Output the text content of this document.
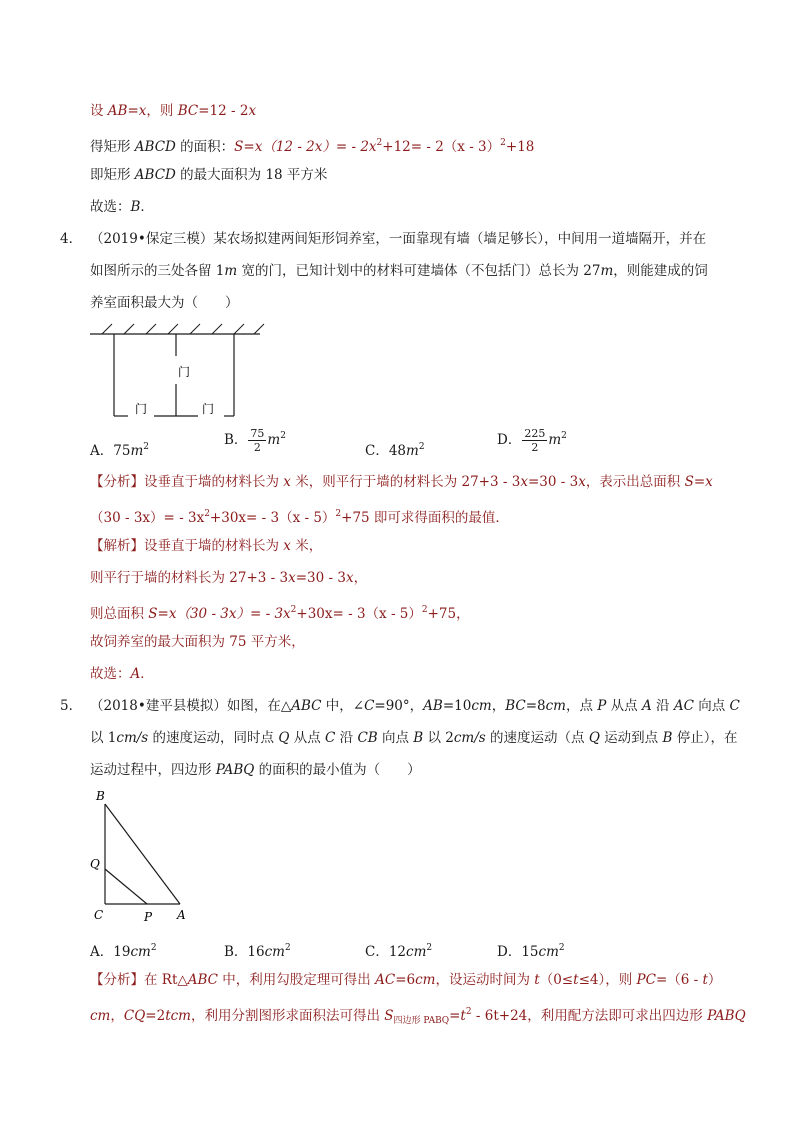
设 AB=x，则 BC=12 - 2x
得矩形 ABCD 的面积：$S=x(12 - 2x)= - 2x^2+12= - 2(x - 3)^2+18$
即矩形 ABCD 的最大面积为 18 平方米
故选：B．
4． （2019•保定三模）某农场拟建两间矩形饲养室，一面靠现有墙（墙足够长），中间用一道墙隔开，并在
如图所示的三处各留 1m 宽的门，已知计划中的材料可建墙体（不包括门）总长为 27m，则能建成的饲
养室面积最大为（　　）
门
门	门
A．$75m^2$	B． $\frac{75}{2} m^2$
C．$48m^2$	D． $\frac{225}{2} m^2$
【分析】设垂直于墙的材料长为 x 米，则平行于墙的材料长为 27+3 - 3x=30 - 3x，表示出总面积 S=x
$(30 - 3x)= - 3x^2+30x= - 3(x - 5)^2+75$ 即可求得面积的最值．
【解析】设垂直于墙的材料长为 x 米，
则平行于墙的材料长为 27+3 - 3x=30 - 3x，
则总面积 $S=x(30 - 3x)= - 3x^2+30x= - 3(x - 5)^2+75$，
故饲养室的最大面积为 75 平方米，
故选：A．
5． （2018•建平县模拟）如图，在△ABC 中，∠C=90°，AB=10cm，BC=8cm，点 P 从点 A 沿 AC 向点 C
以 1cm/s 的速度运动，同时点 Q 从点 C 沿 CB 向点 B 以 2cm/s 的速度运动（点 Q 运动到点 B 停止），在
运动过程中，四边形 PABQ 的面积的最小值为（　　）
B
Q
C	P A
A．$19cm^2$	B．$16cm^2$	C．$12cm^2$	D．$15cm^2$
【分析】在 Rt△ABC 中，利用勾股定理可得出 AC=6cm，设运动时间为 t（0≤t≤4），则 PC=（6 - t）
cm，CQ=2tcm，利用分割图形求面积法可得出 $S_{四边形 PABQ}=t^2 - 6t+24$，利用配方法即可求出四边形 PABQ
